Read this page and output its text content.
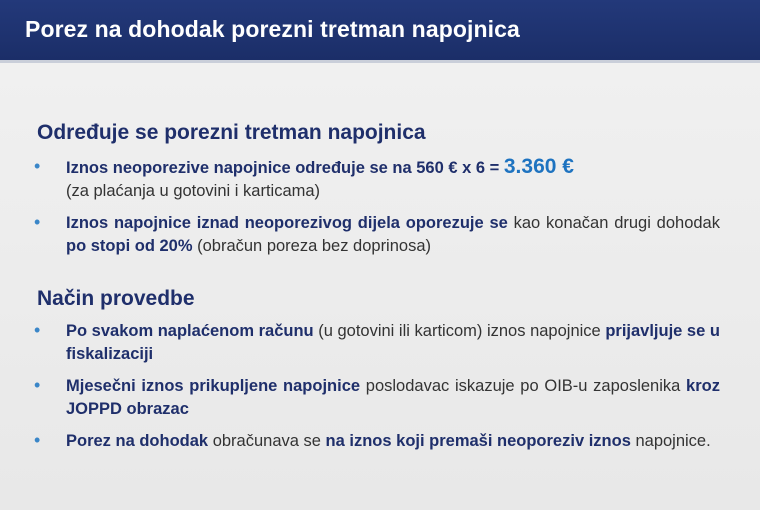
Porez na dohodak porezni tretman napojnica
Određuje se porezni tretman napojnica
• Iznos neoporezive napojnice određuje se na 560 € x 6 = 3.360 €
(za plaćanja u gotovini i karticama)
• Iznos napojnice iznad neoporezivog dijela oporezuje se kao konačan drugi dohodak po stopi od 20% (obračun poreza bez doprinosa)
Način provedbe
• Po svakom naplaćenom računu (u gotovini ili karticom) iznos napojnice prijavljuje se u fiskalizaciji
• Mjesečni iznos prikupljene napojnice poslodavac iskazuje po OIB-u zaposlenika kroz JOPPD obrazac
• Porez na dohodak obračunava se na iznos koji premaši neoporeziv iznos napojnice.
